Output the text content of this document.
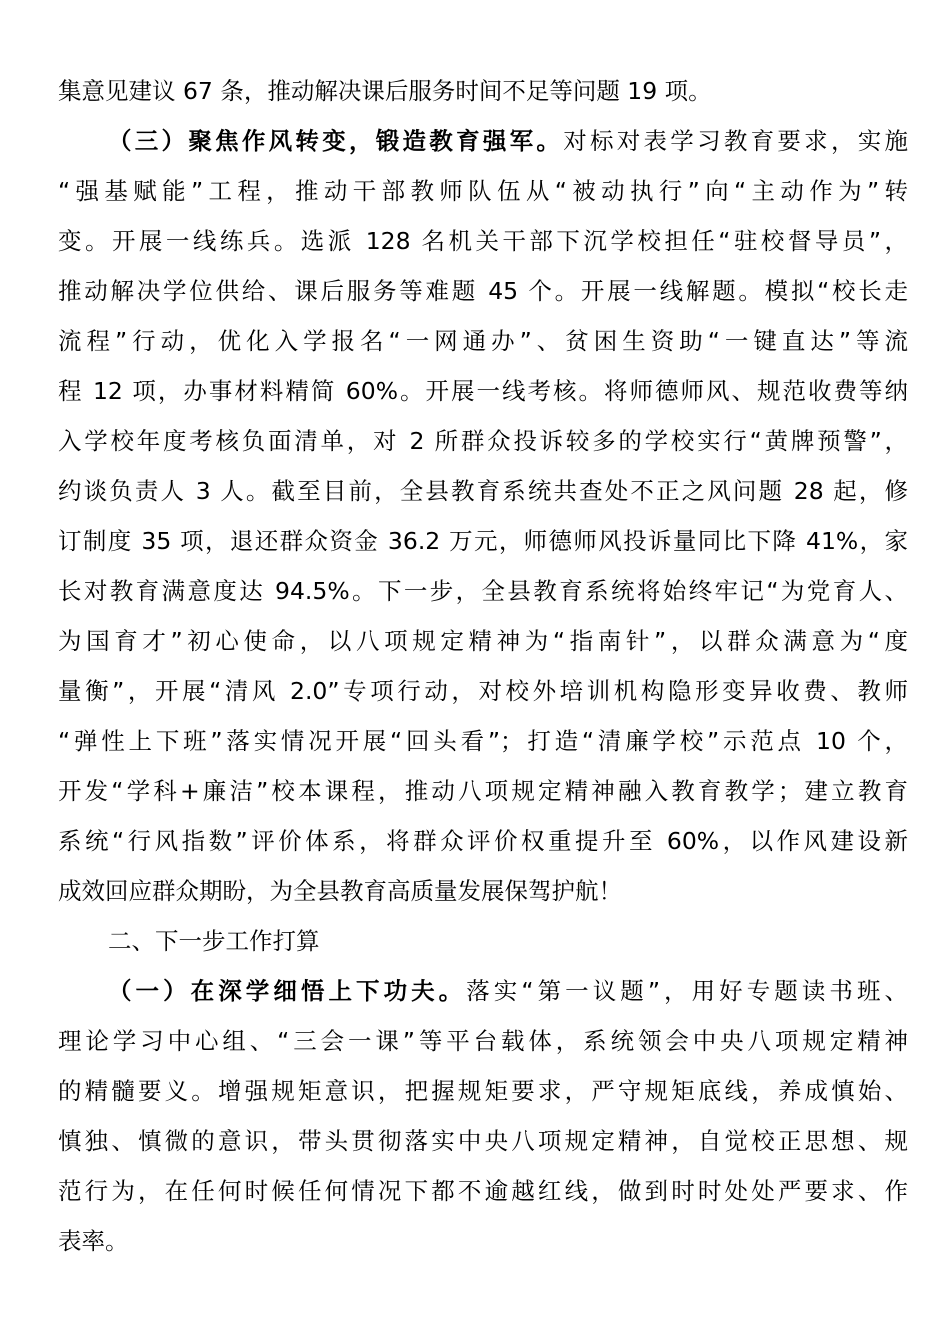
集意见建议 67 条，推动解决课后服务时间不足等问题 19 项。
（三）聚焦作风转变，锻造教育强军。对标对表学习教育要求，实施
“强基赋能”工程，推动干部教师队伍从“被动执行”向“主动作为”转
变。开展一线练兵。选派 128 名机关干部下沉学校担任“驻校督导员”，
推动解决学位供给、课后服务等难题 45 个。开展一线解题。模拟“校长走
流程”行动，优化入学报名“一网通办”、贫困生资助“一键直达”等流
程 12 项，办事材料精简 60%。开展一线考核。将师德师风、规范收费等纳
入学校年度考核负面清单，对 2 所群众投诉较多的学校实行“黄牌预警”，
约谈负责人 3 人。截至目前，全县教育系统共查处不正之风问题 28 起，修
订制度 35 项，退还群众资金 36.2 万元，师德师风投诉量同比下降 41%，家
长对教育满意度达 94.5%。下一步，全县教育系统将始终牢记“为党育人、
为国育才”初心使命，以八项规定精神为“指南针”，以群众满意为“度
量衡”，开展“清风 2.0”专项行动，对校外培训机构隐形变异收费、教师
“弹性上下班”落实情况开展“回头看”；打造“清廉学校”示范点 10 个，
开发“学科+廉洁”校本课程，推动八项规定精神融入教育教学；建立教育
系统“行风指数”评价体系，将群众评价权重提升至 60%，以作风建设新
成效回应群众期盼，为全县教育高质量发展保驾护航！
二、下一步工作打算
（一）在深学细悟上下功夫。落实“第一议题”，用好专题读书班、
理论学习中心组、“三会一课”等平台载体，系统领会中央八项规定精神
的精髓要义。增强规矩意识，把握规矩要求，严守规矩底线，养成慎始、
慎独、慎微的意识，带头贯彻落实中央八项规定精神，自觉校正思想、规
范行为，在任何时候任何情况下都不逾越红线，做到时时处处严要求、作
表率。
